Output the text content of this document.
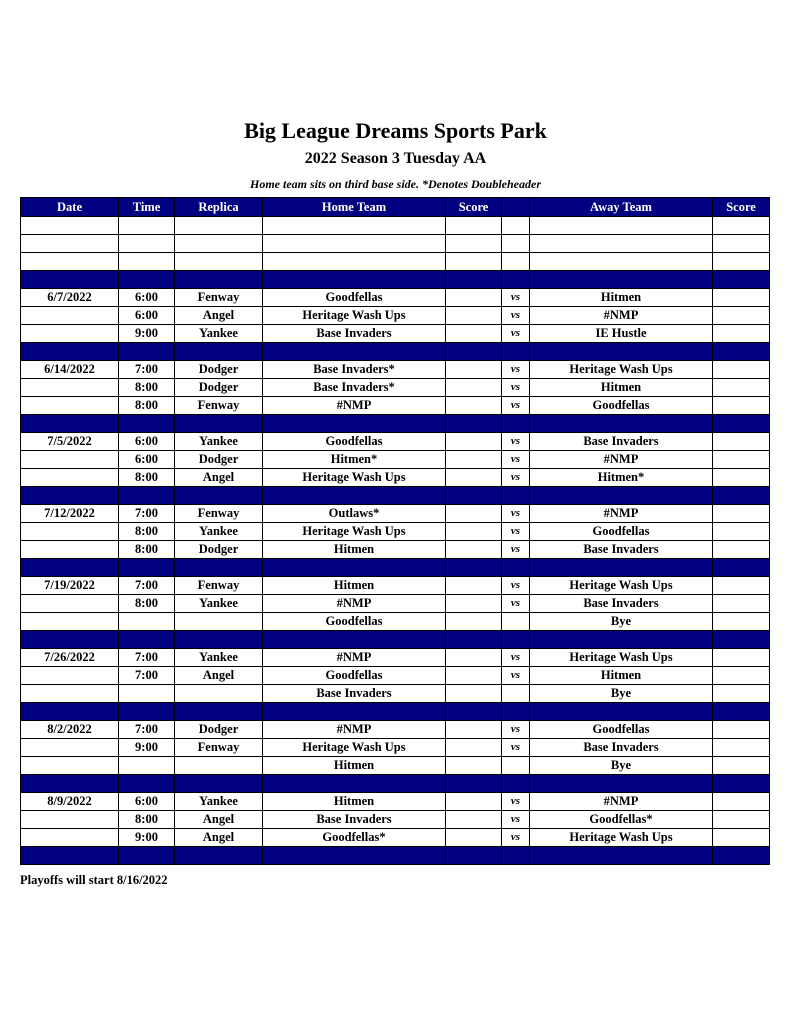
Big League Dreams Sports Park
2022 Season 3 Tuesday AA
Home team sits on third base side. *Denotes Doubleheader
Date	Time	Replica	Home Team	Score		Away Team	Score

6/7/2022	6:00	Fenway	Goodfellas		vs	Hitmen	
	6:00	Angel	Heritage Wash Ups		vs	#NMP	
	9:00	Yankee	Base Invaders		vs	IE Hustle	

6/14/2022	7:00	Dodger	Base Invaders*		vs	Heritage Wash Ups	
	8:00	Dodger	Base Invaders*		vs	Hitmen	
	8:00	Fenway	#NMP		vs	Goodfellas	

7/5/2022	6:00	Yankee	Goodfellas		vs	Base Invaders	
	6:00	Dodger	Hitmen*		vs	#NMP	
	8:00	Angel	Heritage Wash Ups		vs	Hitmen*	

7/12/2022	7:00	Fenway	Outlaws*		vs	#NMP	
	8:00	Yankee	Heritage Wash Ups		vs	Goodfellas	
	8:00	Dodger	Hitmen		vs	Base Invaders	

7/19/2022	7:00	Fenway	Hitmen		vs	Heritage Wash Ups	
	8:00	Yankee	#NMP		vs	Base Invaders	
			Goodfellas			Bye	

7/26/2022	7:00	Yankee	#NMP		vs	Heritage Wash Ups	
	7:00	Angel	Goodfellas		vs	Hitmen	
			Base Invaders			Bye	

8/2/2022	7:00	Dodger	#NMP		vs	Goodfellas	
	9:00	Fenway	Heritage Wash Ups		vs	Base Invaders	
			Hitmen			Bye	

8/9/2022	6:00	Yankee	Hitmen		vs	#NMP	
	8:00	Angel	Base Invaders		vs	Goodfellas*	
	9:00	Angel	Goodfellas*		vs	Heritage Wash Ups	

Playoffs will start 8/16/2022
